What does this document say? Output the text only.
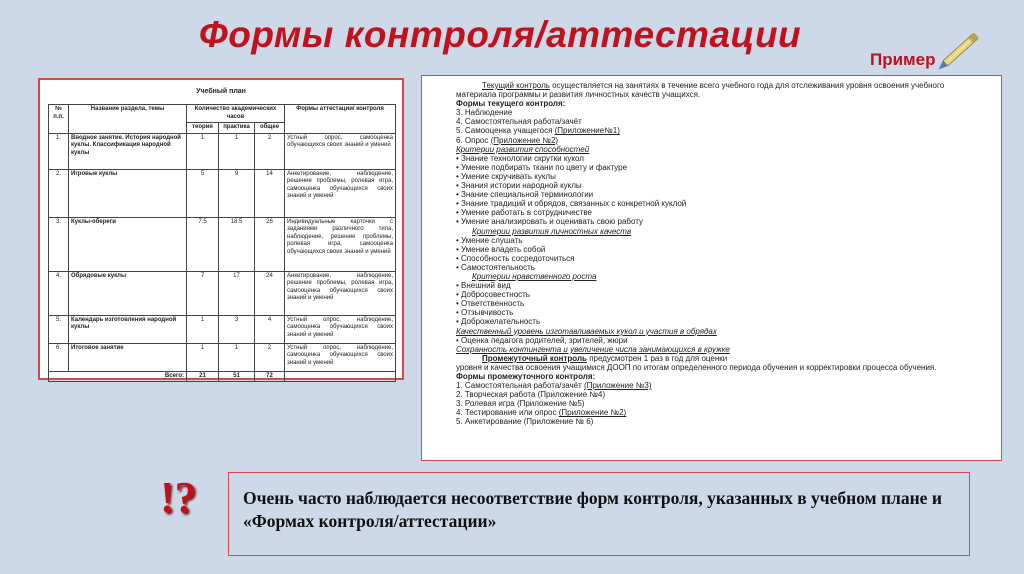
Формы контроля/аттестации
Пример
Учебный план
№ п.п.	Название раздела, темы	Количество академических часов			Формы аттестации/ контроля
		теория	практика	общее	
1.	Вводное занятие. История народной куклы. Классификация народной куклы	1	1	2	Устный опрос, самооценка обучающихся своих знаний и умений
2.	Игровые куклы	5	9	14	Анкетирование, наблюдение, решение проблемы, ролевая игра, самооценка обучающихся своих знаний и умений
3.	Куклы-обереги	7.5	18.5	26	Индивидуальные карточки с заданиями различного типа, наблюдение, решение проблемы, ролевая игра, самооценка обучающихся своих знаний и умений
4.	Обрядовые куклы	7	17	24	Анкетирование, наблюдение, решение проблемы, ролевая игра, самооценка обучающихся своих знаний и умений
5.	Календарь изготовления народной куклы	1	3	4	Устный опрос, наблюдение, самооценка обучающихся своих знаний и умений
6.	Итоговое занятие	1	1	2	Устный опрос, наблюдение, самооценка обучающихся своих знаний и умений
Всего:		21	51	72	
Текущий контроль осуществляется на занятиях в течение всего учебного года для отслеживания уровня освоения учебного
материала программы и развития личностных качеств учащихся.
Формы текущего контроля:
3. Наблюдение
4. Самостоятельная работа/зачёт
5. Самооценка учащегося (Приложение№1)
6. Опрос (Приложение №2)
Критерии развития способностей
• Знание технологии скрутки кукол
• Умение подбирать ткани по цвету и фактуре
• Умение скручивать куклы
• Знания истории народной куклы
• Знание специальной терминологии
• Знание традиций и обрядов, связанных с конкретной куклой
• Умение работать в сотрудничестве
• Умение анализировать и оценивать свою работу
Критерии развития личностных качеств
• Умение слушать
• Умение владеть собой
• Способность сосредоточиться
• Самостоятельность
Критерии нравственного роста
• Внешний вид
• Добросовестность
• Ответственность
• Отзывчивость
• Доброжелательность
Качественный уровень изготавливаемых кукол и участия в обрядах
• Оценка педагога родителей, зрителей, жюри
Сохранность контингента и увеличение числа занимающихся в кружке
Промежуточный контроль предусмотрен 1 раз в год для оценки
уровня и качества освоения учащимися ДООП по итогам определенного периода обучения и корректировки процесса обучения.
Формы промежуточного контроля:
1. Самостоятельная работа/зачёт (Приложение №3)
2. Творческая работа (Приложение №4)
3. Ролевая игра (Приложение №5)
4. Тестирование или опрос (Приложение №2)
5. Анкетирование (Приложение № 6)
!?	Очень часто наблюдается несоответствие форм контроля, указанных в учебном плане и «Формах контроля/аттестации»
